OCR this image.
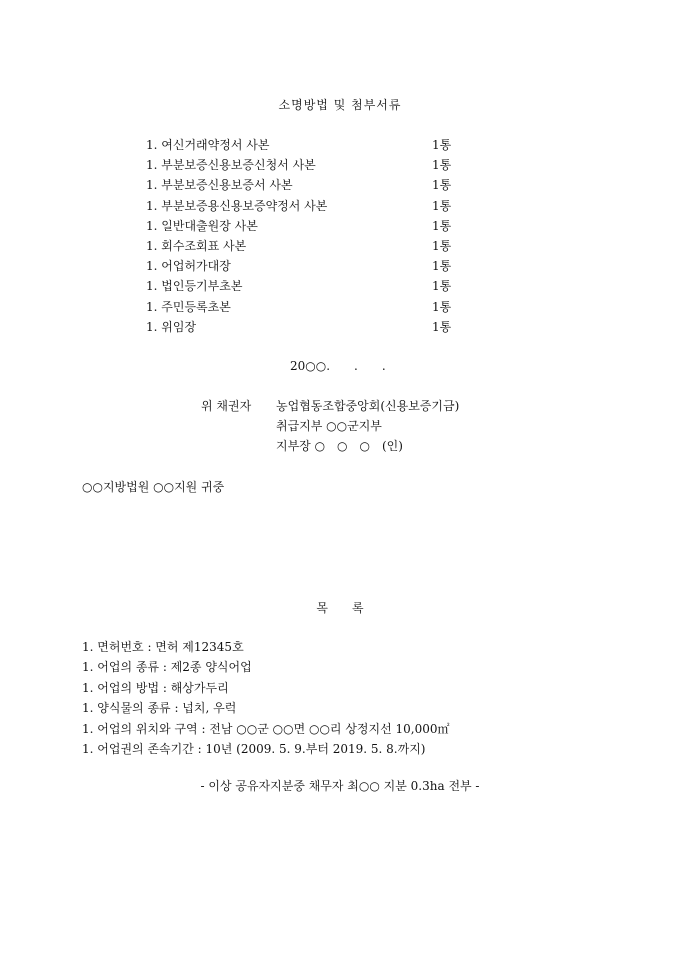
소명방법 및 첨부서류
1. 여신거래약정서 사본	1통
1. 부분보증신용보증신청서 사본	1통
1. 부분보증신용보증서 사본	1통
1. 부분보증용신용보증약정서 사본	1통
1. 일반대출원장 사본	1통
1. 회수조회표 사본	1통
1. 어업허가대장	1통
1. 법인등기부초본	1통
1. 주민등록초본	1통
1. 위임장	1통
20○○.　　.　　.
위 채권자 농업협동조합중앙회(신용보증기금)
취급지부 ○○군지부
지부장 ○　○　○　(인)
○○지방법원 ○○지원 귀중
목　　록
1. 면허번호 : 면허 제12345호
1. 어업의 종류 : 제2종 양식어업
1. 어업의 방법 : 해상가두리
1. 양식물의 종류 : 넙치, 우럭
1. 어업의 위치와 구역 : 전남 ○○군 ○○면 ○○리 상정지선 10,000㎡
1. 어업권의 존속기간 : 10년 (2009. 5. 9.부터 2019. 5. 8.까지)
- 이상 공유자지분중 채무자 최○○ 지분 0.3ha 전부 -
